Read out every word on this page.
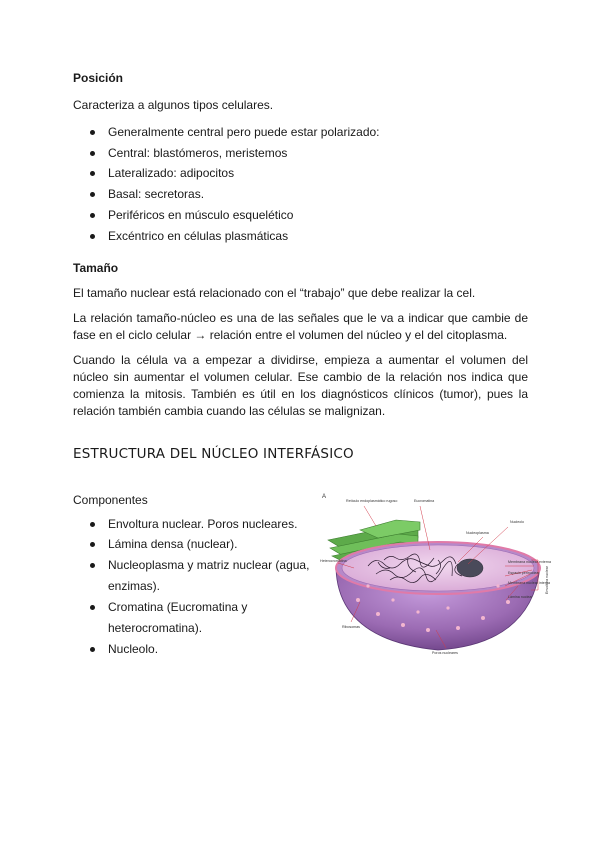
Posición
Caracteriza a algunos tipos celulares.
Generalmente central pero puede estar polarizado:
Central: blastómeros, meristemos
Lateralizado: adipocitos
Basal: secretoras.
Periféricos en músculo esquelético
Excéntrico en células plasmáticas
Tamaño
El tamaño nuclear está relacionado con el “trabajo” que debe realizar la cel.
La relación tamaño-núcleo es una de las señales que le va a indicar que cambie de fase en el ciclo celular → relación entre el volumen del núcleo y el del citoplasma.
Cuando la célula va a empezar a dividirse, empieza a aumentar el volumen del núcleo sin aumentar el volumen celular. Ese cambio de la relación nos indica que comienza la mitosis. También es útil en los diagnósticos clínicos (tumor), pues la relación también cambia cuando las células se malignizan.
ESTRUCTURA DEL NÚCLEO INTERFÁSICO
Componentes
Envoltura nuclear. Poros nucleares.
Lámina densa (nuclear).
Nucleoplasma y matriz nuclear (agua,
enzimas).
Cromatina (Eucromatina y
heterocromatina).
Nucleolo.
A
Retículo endoplasmático rugoso	Eucromatina
Nucleoplasma
Nucleolo
Heterocromatina	Membrana nuclear externa
Espacio perinuclear
Membrana nuclear interna
Lámina nuclear
Envoltura nuclear
Ribosomas
Poros nucleares
